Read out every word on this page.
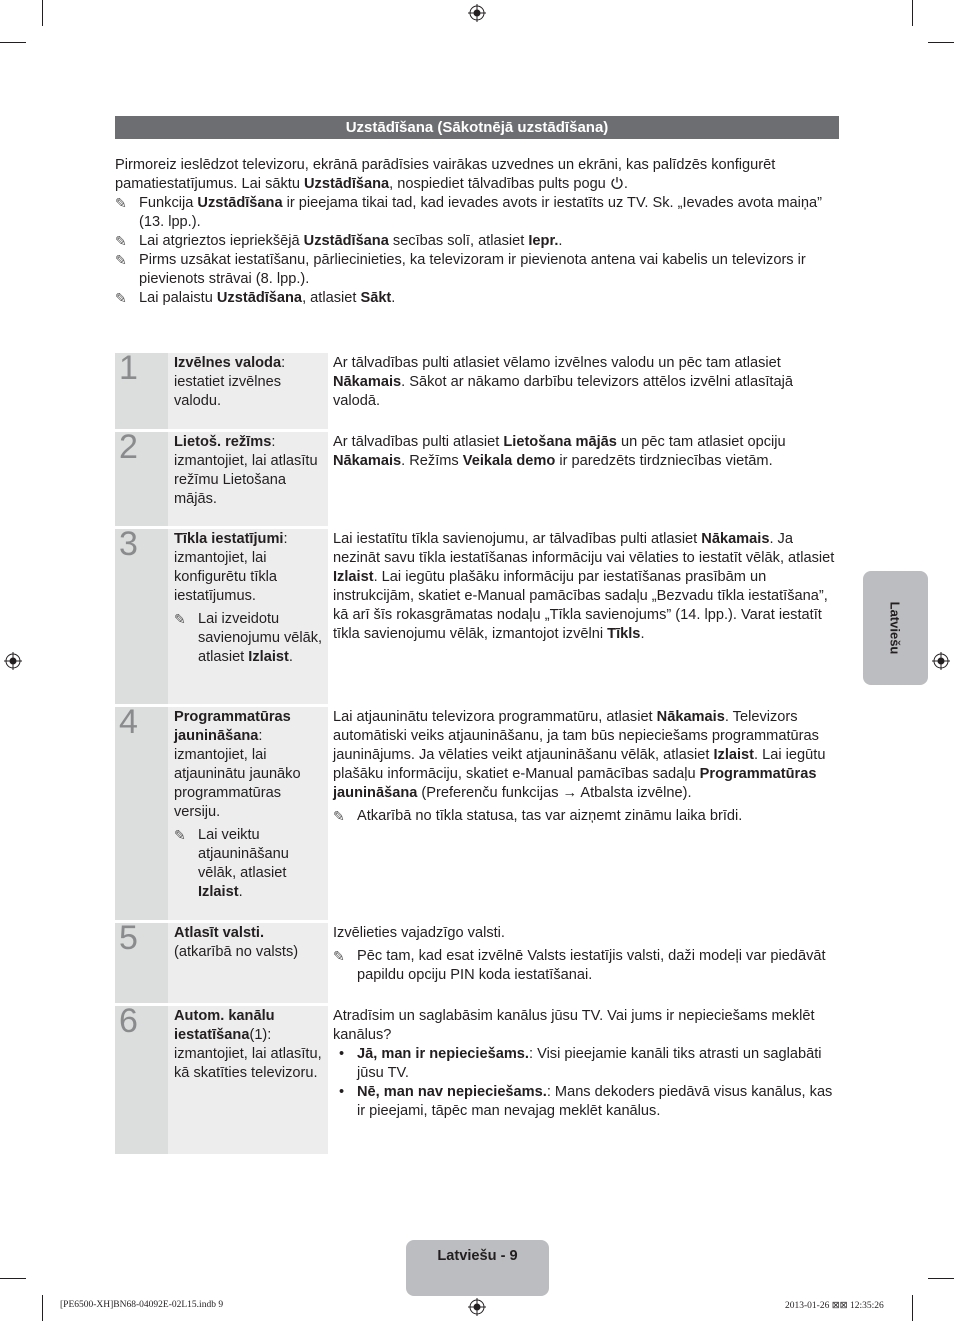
Uzstādīšana (Sākotnējā uzstādīšana)

Pirmoreiz ieslēdzot televizoru, ekrānā parādīsies vairākas uzvednes un ekrāni, kas palīdzēs konfigurēt pamatiestatījumus. Lai sāktu Uzstādīšana, nospiediet tālvadības pults pogu .

✎ Funkcija Uzstādīšana ir pieejama tikai tad, kad ievades avots ir iestatīts uz TV. Sk. „Ievades avota maiņa” (13. lpp.).

✎ Lai atgrieztos iepriekšējā Uzstādīšana secības solī, atlasiet Iepr..

✎ Pirms uzsākat iestatīšanu, pārliecinieties, ka televizoram ir pievienota antena vai kabelis un televizors ir pievienots strāvai (8. lpp.).

✎ Lai palaistu Uzstādīšana, atlasiet Sākt.

1 Izvēlnes valoda: iestatiet izvēlnes valodu.

Ar tālvadības pulti atlasiet vēlamo izvēlnes valodu un pēc tam atlasiet Nākamais. Sākot ar nākamo darbību televizors attēlos izvēlni atlasītajā valodā.

2 Lietoš. režīms: izmantojiet, lai atlasītu režīmu Lietošana mājās.

Ar tālvadības pulti atlasiet Lietošana mājās un pēc tam atlasiet opciju Nākamais. Režīms Veikala demo ir paredzēts tirdzniecības vietām.

3 Tīkla iestatījumi: izmantojiet, lai konfigurētu tīkla iestatījumus.

✎ Lai izveidotu savienojumu vēlāk, atlasiet Izlaist.

Lai iestatītu tīkla savienojumu, ar tālvadības pulti atlasiet Nākamais. Ja nezināt savu tīkla iestatīšanas informāciju vai vēlaties to iestatīt vēlāk, atlasiet Izlaist. Lai iegūtu plašāku informāciju par iestatīšanas prasībām un instrukcijām, skatiet e-Manual pamācības sadaļu „Bezvadu tīkla iestatīšana”, kā arī šīs rokasgrāmatas nodaļu „Tīkla savienojums” (14. lpp.). Varat iestatīt tīkla savienojumu vēlāk, izmantojot izvēlni Tīkls.

4 Programmatūras jaunināšana: izmantojiet, lai atjauninātu jaunāko programmatūras versiju.

✎ Lai veiktu atjaunināšanu vēlāk, atlasiet Izlaist.

Lai atjauninātu televizora programmatūru, atlasiet Nākamais. Televizors automātiski veiks atjaunināšanu, ja tam būs nepieciešams programmatūras jauninājums. Ja vēlaties veikt atjaunināšanu vēlāk, atlasiet Izlaist. Lai iegūtu plašāku informāciju, skatiet e-Manual pamācības sadaļu Programmatūras jaunināšana (Preferenču funkcijas → Atbalsta izvēlne).

✎ Atkarībā no tīkla statusa, tas var aizņemt zināmu laika brīdi.

5 Atlasīt valsti.

(atkarībā no valsts)

Izvēlieties vajadzīgo valsti.

✎ Pēc tam, kad esat izvēlnē Valsts iestatījis valsti, daži modeļi var piedāvāt papildu opciju PIN koda iestatīšanai.

6 Autom. kanālu iestatīšana(1): izmantojiet, lai atlasītu, kā skatīties televizoru.

Atradīsim un saglabāsim kanālus jūsu TV. Vai jums ir nepieciešams meklēt kanālus?

• Jā, man ir nepieciešams.: Visi pieejamie kanāli tiks atrasti un saglabāti jūsu TV.

• Nē, man nav nepieciešams.: Mans dekoders piedāvā visus kanālus, kas ir pieejami, tāpēc man nevajag meklēt kanālus.

Latviešu
Latviešu - 9
[PE6500-XH]BN68-04092E-02L15.indb 9	2013-01-26 ⊠⊠ 12:35:26
